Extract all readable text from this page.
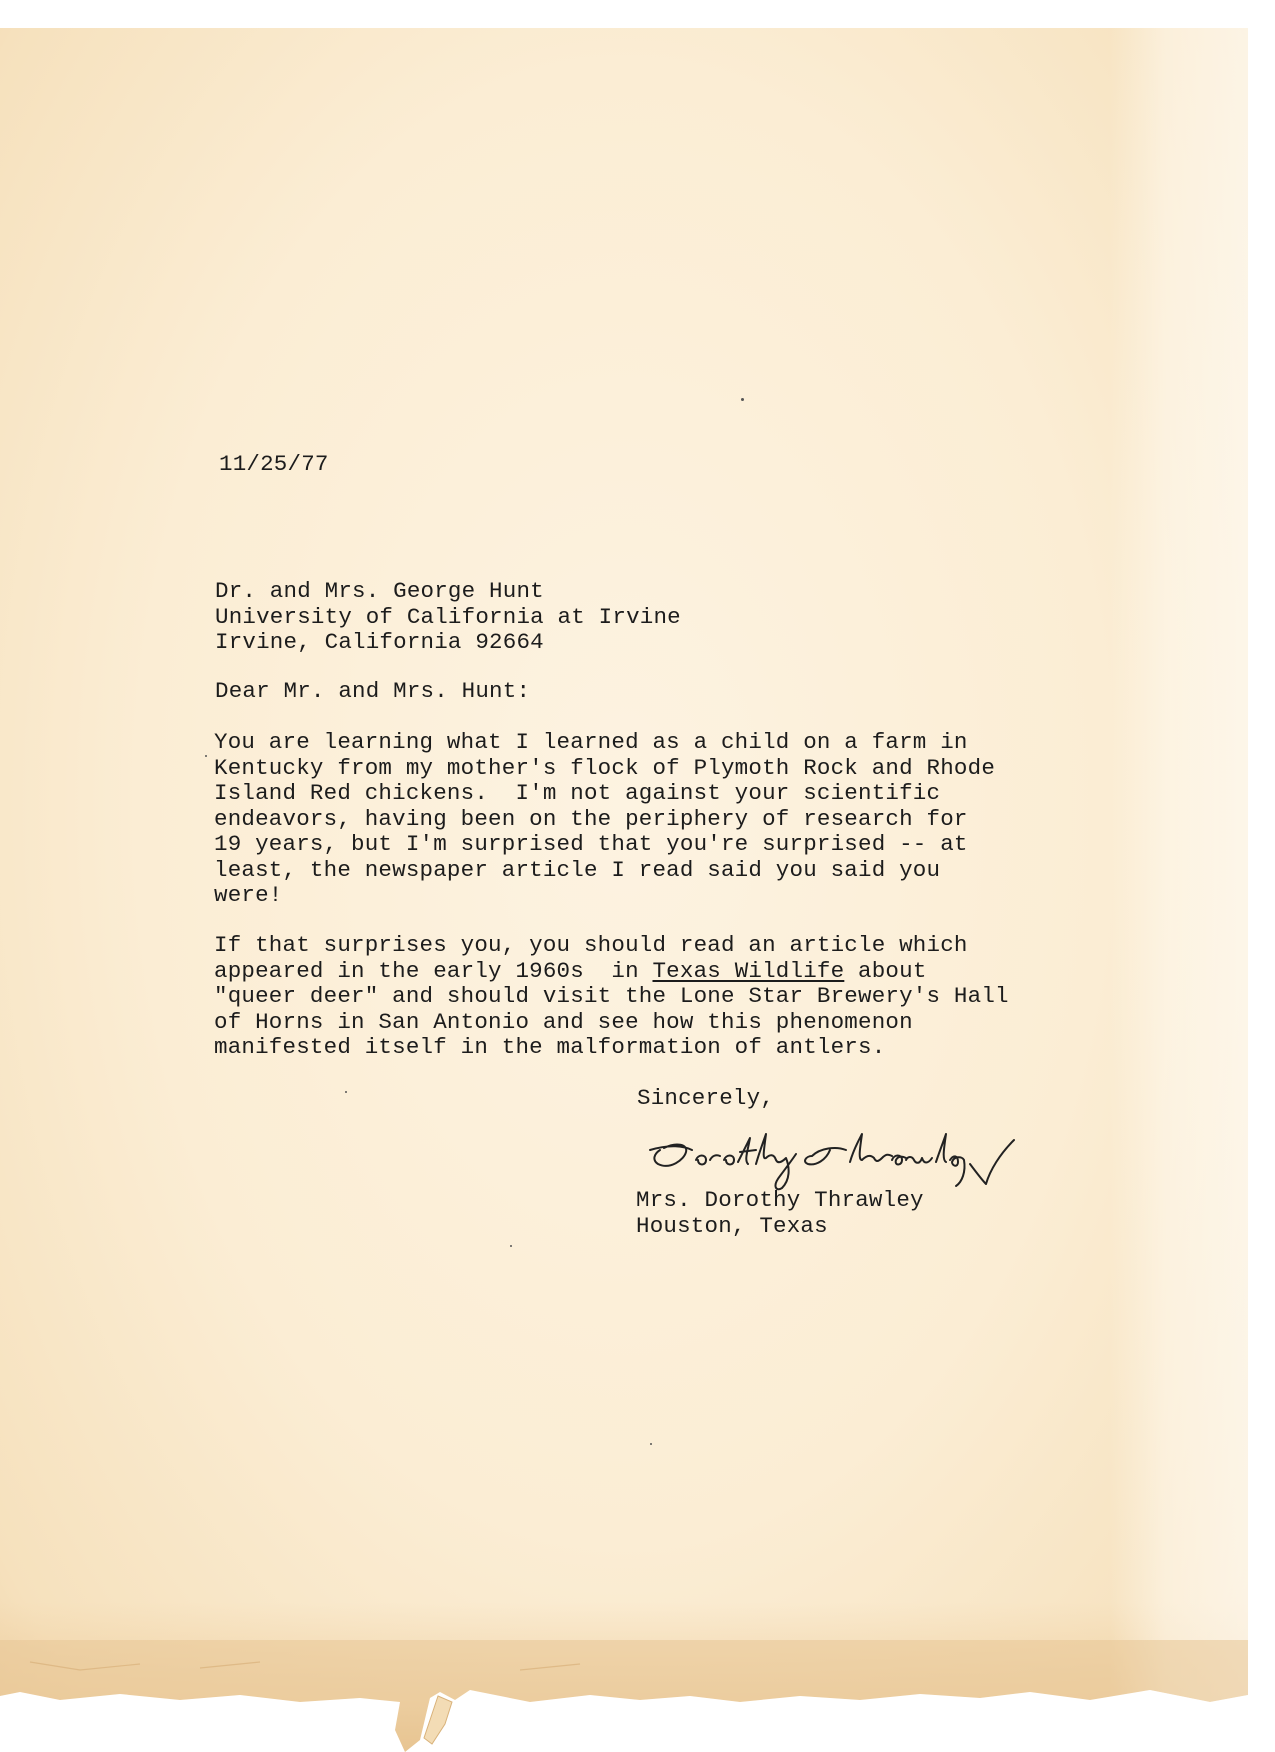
11/25/77
Dr. and Mrs. George Hunt
University of California at Irvine
Irvine, California 92664
Dear Mr. and Mrs. Hunt:
You are learning what I learned as a child on a farm in
Kentucky from my mother's flock of Plymoth Rock and Rhode
Island Red chickens.  I'm not against your scientific
endeavors, having been on the periphery of research for
19 years, but I'm surprised that you're surprised -- at
least, the newspaper article I read said you said you
were!
If that surprises you, you should read an article which
appeared in the early 1960s  in Texas Wildlife about
"queer deer" and should visit the Lone Star Brewery's Hall
of Horns in San Antonio and see how this phenomenon
manifested itself in the malformation of antlers.
Sincerely,
Mrs. Dorothy Thrawley
Houston, Texas
